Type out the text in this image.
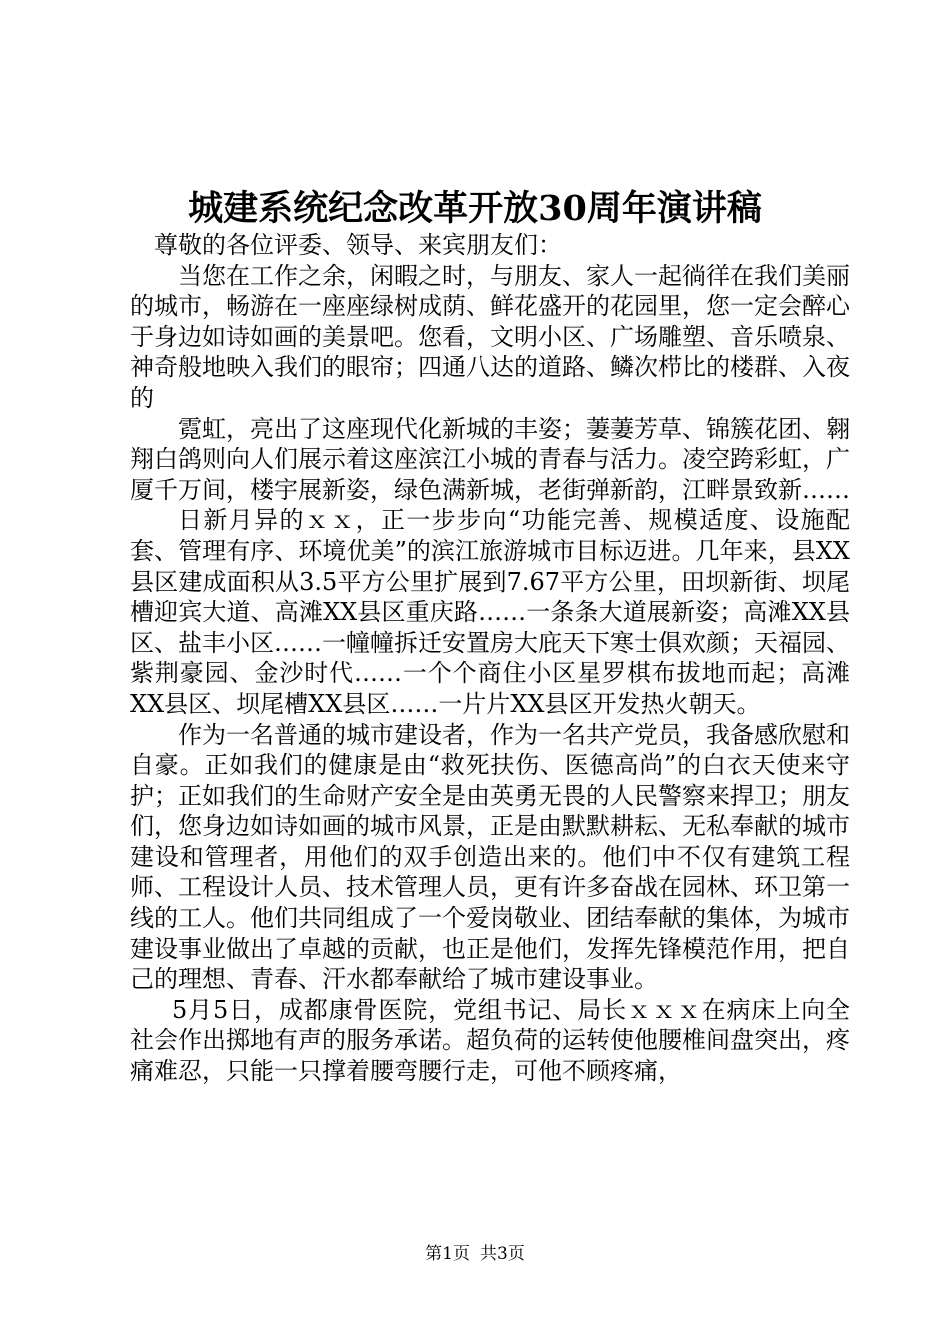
城建系统纪念改革开放30周年演讲稿

尊敬的各位评委、领导、来宾朋友们：

当您在工作之余，闲暇之时，与朋友、家人一起徜徉在我们美丽的城市，畅游在一座座绿树成荫、鲜花盛开的花园里，您一定会醉心于身边如诗如画的美景吧。您看，文明小区、广场雕塑、音乐喷泉、神奇般地映入我们的眼帘；四通八达的道路、鳞次栉比的楼群、入夜的

霓虹，亮出了这座现代化新城的丰姿；萋萋芳草、锦簇花团、翱翔白鸽则向人们展示着这座滨江小城的青春与活力。凌空跨彩虹，广厦千万间，楼宇展新姿，绿色满新城，老街弹新韵，江畔景致新……

日新月异的ｘｘ，正一步步向“功能完善、规模适度、设施配套、管理有序、环境优美”的滨江旅游城市目标迈进。几年来，县XX县区建成面积从3.5平方公里扩展到7.67平方公里，田坝新街、坝尾槽迎宾大道、高滩XX县区重庆路……一条条大道展新姿；高滩XX县区、盐丰小区……一幢幢拆迁安置房大庇天下寒士俱欢颜；天福园、紫荆豪园、金沙时代……一个个商住小区星罗棋布拔地而起；高滩XX县区、坝尾槽XX县区……一片片XX县区开发热火朝天。

作为一名普通的城市建设者，作为一名共产党员，我备感欣慰和自豪。正如我们的健康是由“救死扶伤、医德高尚”的白衣天使来守护；正如我们的生命财产安全是由英勇无畏的人民警察来捍卫；朋友们，您身边如诗如画的城市风景，正是由默默耕耘、无私奉献的城市建设和管理者，用他们的双手创造出来的。他们中不仅有建筑工程师、工程设计人员、技术管理人员，更有许多奋战在园林、环卫第一线的工人。他们共同组成了一个爱岗敬业、团结奉献的集体，为城市建设事业做出了卓越的贡献，也正是他们，发挥先锋模范作用，把自己的理想、青春、汗水都奉献给了城市建设事业。

5月5日，成都康骨医院，党组书记、局长ｘｘｘ在病床上向全社会作出掷地有声的服务承诺。超负荷的运转使他腰椎间盘突出，疼痛难忍，只能一只撑着腰弯腰行走，可他不顾疼痛，

第1页 共3页
